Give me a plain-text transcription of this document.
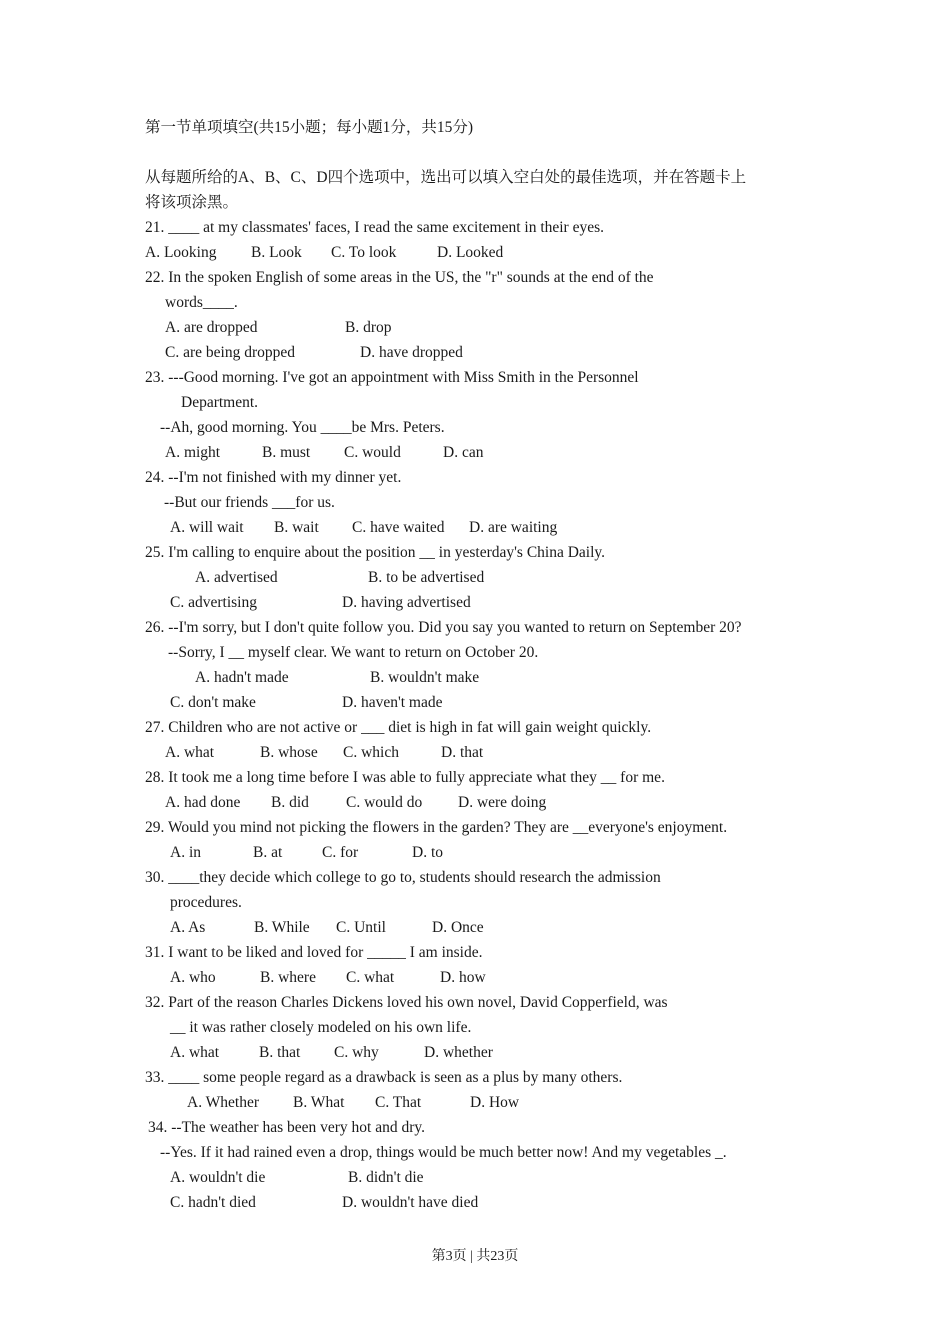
第一节单项填空(共15小题；每小题1分，共15分)
从每题所给的A、B、C、D四个选项中，选出可以填入空白处的最佳选项，并在答题卡上
将该项涂黑。
21. ____ at my classmates' faces, I read the same excitement in their eyes.
A. Looking B. Look C. To look	D. Looked
22. In the spoken English of some areas in the US, the "r" sounds at the end of the
words____.
A. are dropped	B. drop
C. are being dropped	D. have dropped
23. ---Good morning. I've got an appointment with Miss Smith in the Personnel
Department.
--Ah, good morning. You ____be Mrs. Peters.
A. might	B. must C. would	D. can
24. --I'm not finished with my dinner yet.
--But our friends ___for us.
A. will wait B. wait C. have waited D. are waiting
25. I'm calling to enquire about the position __ in yesterday's China Daily.
A. advertised	B. to be advertised
C. advertising	D. having advertised
26. --I'm sorry, but I don't quite follow you. Did you say you wanted to return on September 20?
--Sorry, I __ myself clear. We want to return on October 20.
A. hadn't made	B. wouldn't make
C. don't make	D. haven't made
27. Children who are not active or ___ diet is high in fat will gain weight quickly.
A. what	B. whose C. which	D. that
28. It took me a long time before I was able to fully appreciate what they __ for me.
A. had done B. did C. would do D. were doing
29. Would you mind not picking the flowers in the garden? They are __everyone's enjoyment.
A. in	B. at	C. for	D. to
30. ____they decide which college to go to, students should research the admission
procedures.
A. As	B. While C. Until	D. Once
31. I want to be liked and loved for _____ I am inside.
A. who	B. where C. what	D. how
32. Part of the reason Charles Dickens loved his own novel, David Copperfield, was
__ it was rather closely modeled on his own life.
A. what	B. that C. why	D. whether
33. ____ some people regard as a drawback is seen as a plus by many others.
A. Whether B. What C. That	D. How
34. --The weather has been very hot and dry.
--Yes. If it had rained even a drop, things would be much better now! And my vegetables _.
A. wouldn't die	B. didn't die
C. hadn't died	D. wouldn't have died
第3页 | 共23页
